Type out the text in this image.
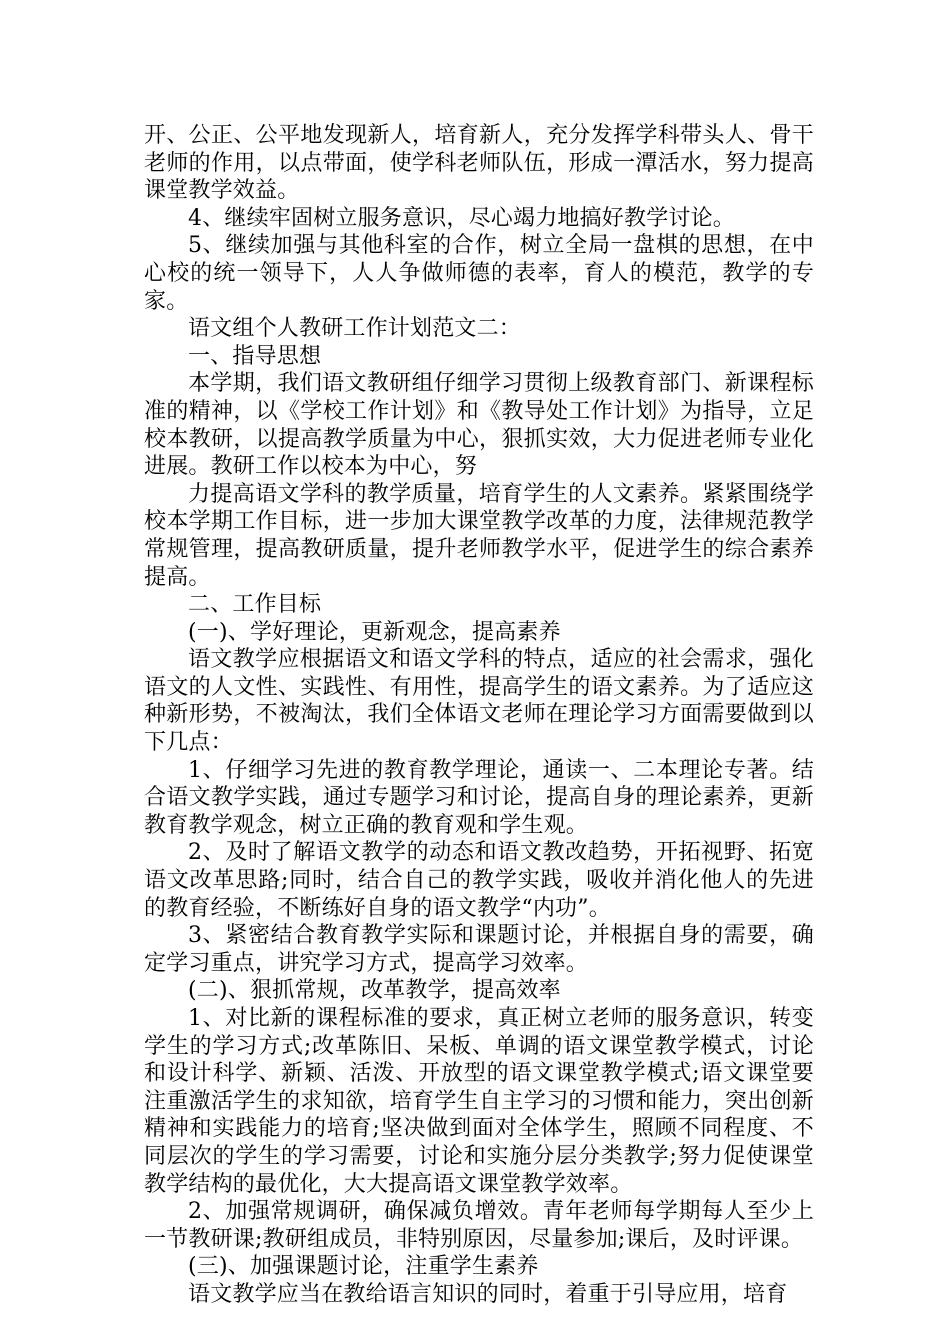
开、公正、公平地发现新人，培育新人，充分发挥学科带头人、骨干老师的作用，以点带面，使学科老师队伍，形成一潭活水，努力提高课堂教学效益。

4、继续牢固树立服务意识，尽心竭力地搞好教学讨论。

5、继续加强与其他科室的合作，树立全局一盘棋的思想，在中心校的统一领导下，人人争做师德的表率，育人的模范，教学的专家。

语文组个人教研工作计划范文二：

一、指导思想

本学期，我们语文教研组仔细学习贯彻上级教育部门、新课程标准的精神，以《学校工作计划》和《教导处工作计划》为指导，立足校本教研，以提高教学质量为中心，狠抓实效，大力促进老师专业化进展。教研工作以校本为中心，努

力提高语文学科的教学质量，培育学生的人文素养。紧紧围绕学校本学期工作目标，进一步加大课堂教学改革的力度，法律规范教学常规管理，提高教研质量，提升老师教学水平，促进学生的综合素养提高。

二、工作目标

(一)、学好理论，更新观念，提高素养

语文教学应根据语文和语文学科的特点，适应的社会需求，强化语文的人文性、实践性、有用性，提高学生的语文素养。为了适应这种新形势，不被淘汰，我们全体语文老师在理论学习方面需要做到以下几点：

1、仔细学习先进的教育教学理论，通读一、二本理论专著。结合语文教学实践，通过专题学习和讨论，提高自身的理论素养，更新教育教学观念，树立正确的教育观和学生观。

2、及时了解语文教学的动态和语文教改趋势，开拓视野、拓宽语文改革思路;同时，结合自己的教学实践，吸收并消化他人的先进的教育经验，不断练好自身的语文教学“内功”。

3、紧密结合教育教学实际和课题讨论，并根据自身的需要，确定学习重点，讲究学习方式，提高学习效率。

(二)、狠抓常规，改革教学，提高效率

1、对比新的课程标准的要求，真正树立老师的服务意识，转变学生的学习方式;改革陈旧、呆板、单调的语文课堂教学模式，讨论和设计科学、新颖、活泼、开放型的语文课堂教学模式;语文课堂要注重激活学生的求知欲，培育学生自主学习的习惯和能力，突出创新精神和实践能力的培育;坚决做到面对全体学生，照顾不同程度、不同层次的学生的学习需要，讨论和实施分层分类教学;努力促使课堂教学结构的最优化，大大提高语文课堂教学效率。

2、加强常规调研，确保减负增效。青年老师每学期每人至少上一节教研课;教研组成员，非特别原因，尽量参加;课后，及时评课。

(三)、加强课题讨论，注重学生素养

语文教学应当在教给语言知识的同时，着重于引导应用，培育
